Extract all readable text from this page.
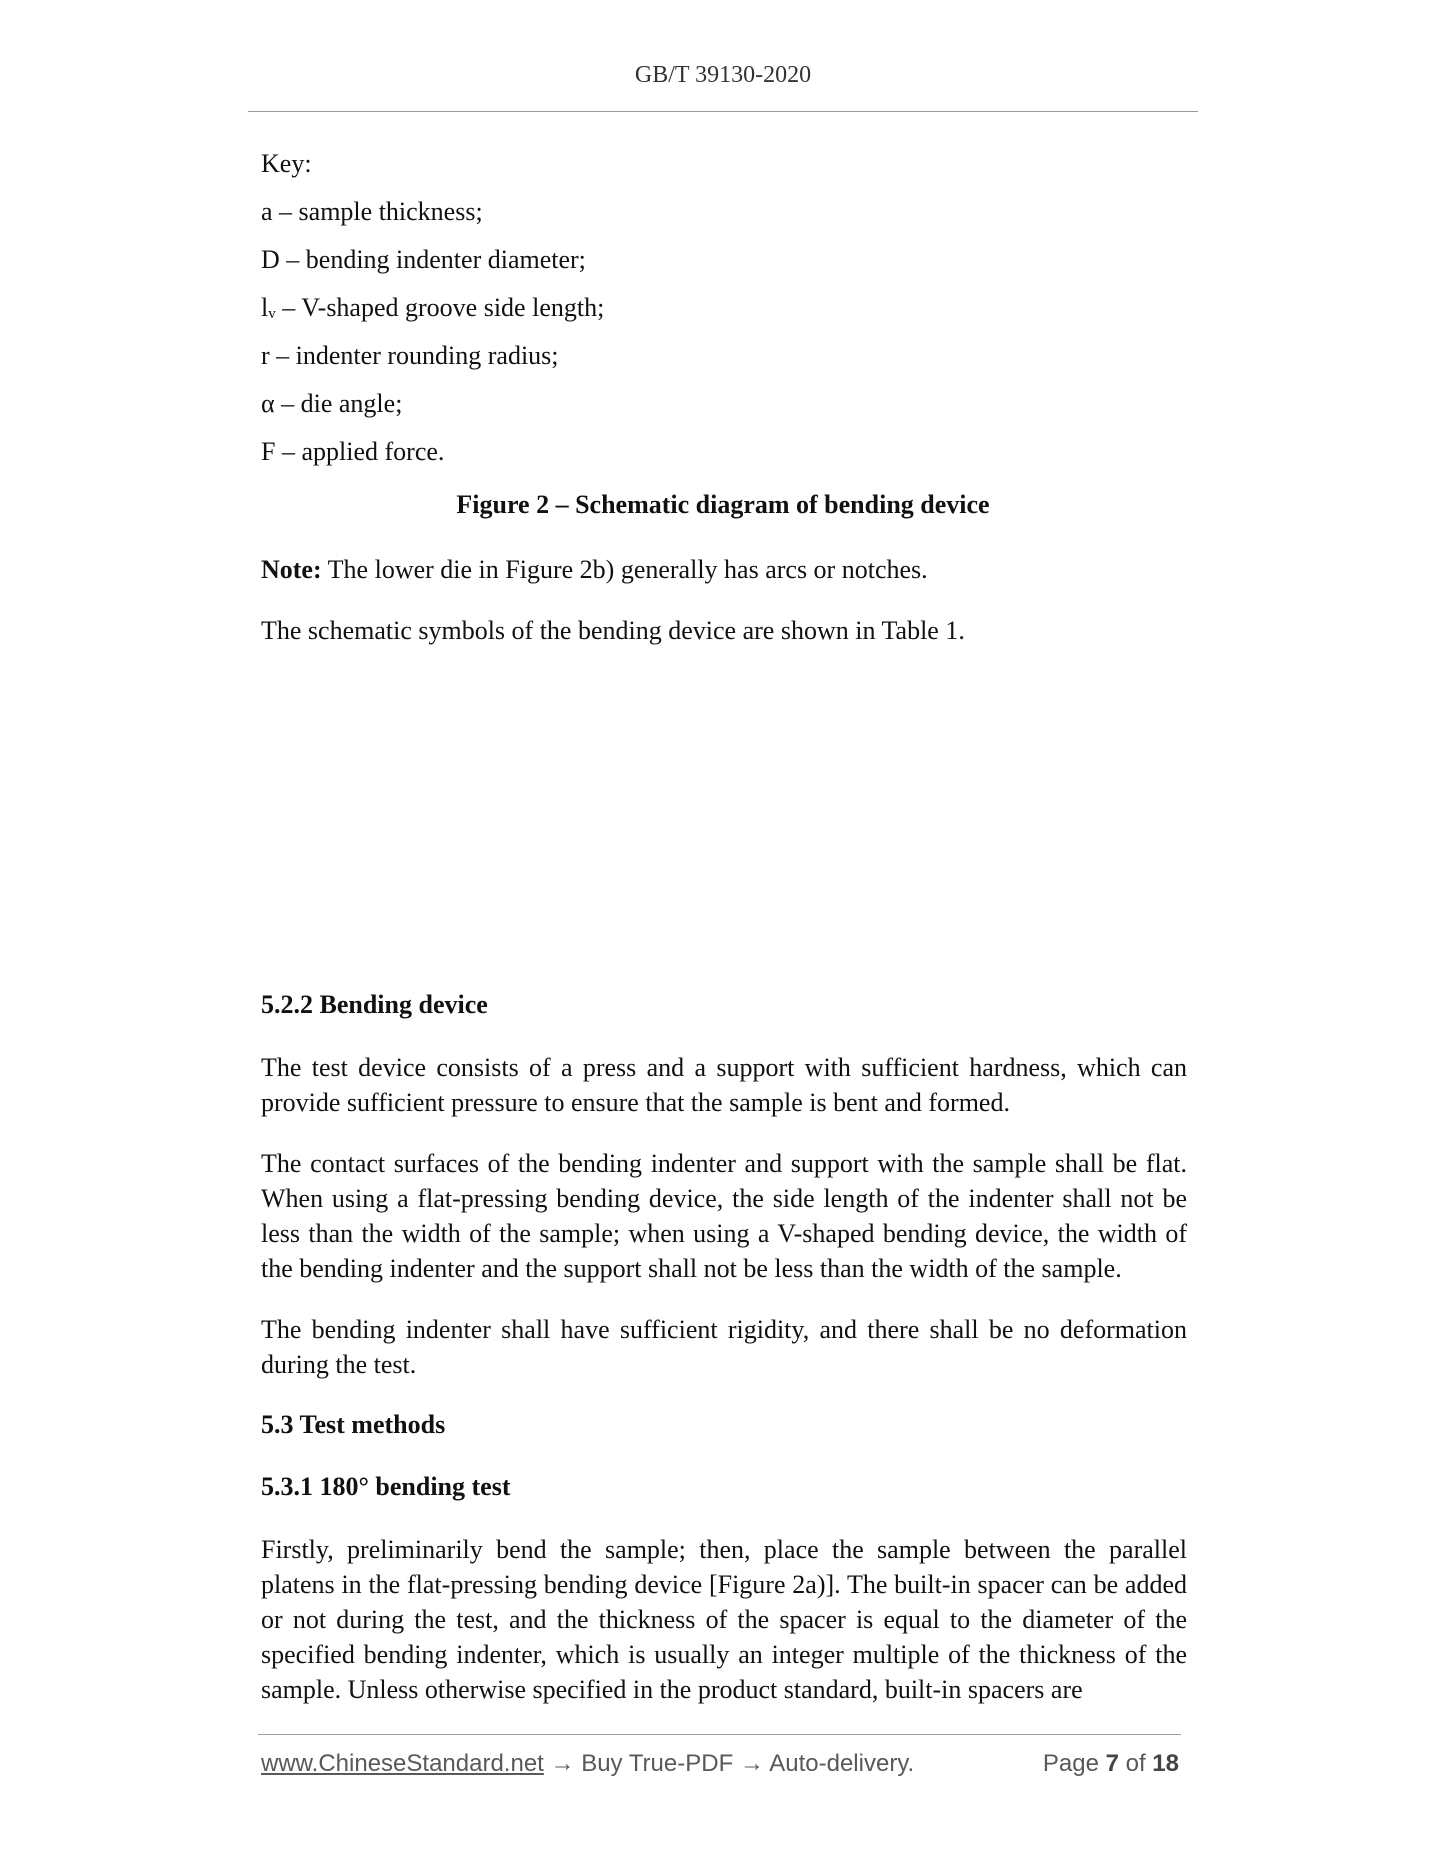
GB/T 39130-2020
Key:
a – sample thickness;
D – bending indenter diameter;
$l_v$ – V-shaped groove side length;
r – indenter rounding radius;
α – die angle;
F – applied force.
Figure 2 – Schematic diagram of bending device
Note: The lower die in Figure 2b) generally has arcs or notches.
The schematic symbols of the bending device are shown in Table 1.
5.2.2 Bending device
The test device consists of a press and a support with sufficient hardness, which can provide sufficient pressure to ensure that the sample is bent and formed.
The contact surfaces of the bending indenter and support with the sample shall be flat. When using a flat-pressing bending device, the side length of the indenter shall not be less than the width of the sample; when using a V-shaped bending device, the width of the bending indenter and the support shall not be less than the width of the sample.
The bending indenter shall have sufficient rigidity, and there shall be no deformation during the test.
5.3 Test methods
5.3.1 180° bending test
Firstly, preliminarily bend the sample; then, place the sample between the parallel platens in the flat-pressing bending device [Figure 2a)]. The built-in spacer can be added or not during the test, and the thickness of the spacer is equal to the diameter of the specified bending indenter, which is usually an integer multiple of the thickness of the sample. Unless otherwise specified in the product standard, built-in spacers are
www.ChineseStandard.net → Buy True-PDF → Auto-delivery.	Page 7 of 18
